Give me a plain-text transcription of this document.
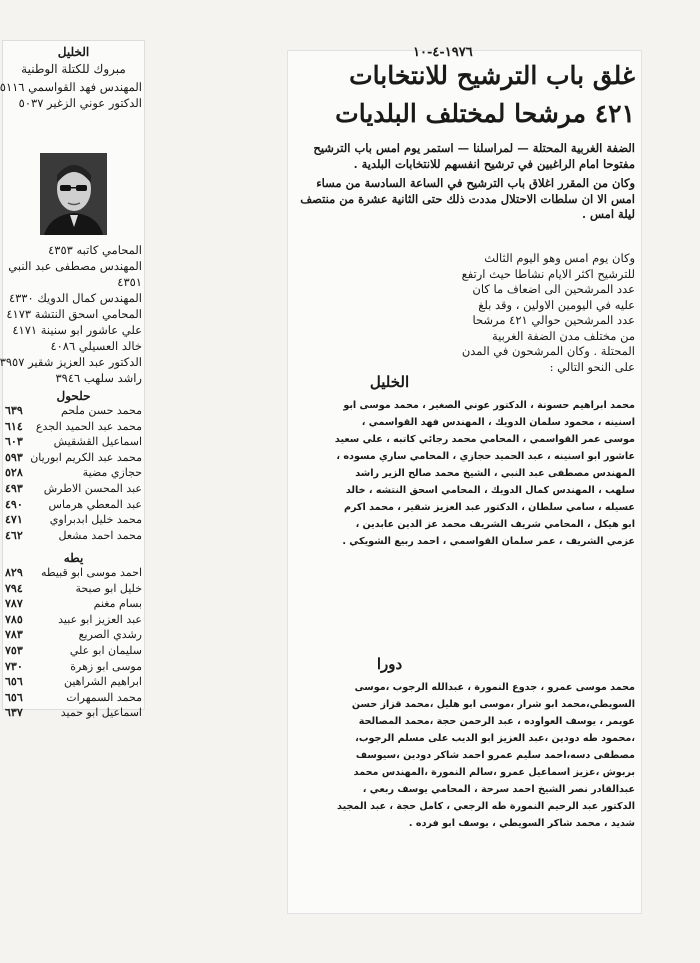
الخليل
مبروك للكتلة الوطنية
المهندس فهد القواسمي ٥١١٦
الدكتور عوني الزغير ٥٠٣٧
المحامي كاتبه ٤٣٥٣
المهندس مصطفى عبد النبي
٤٣٥١
المهندس كمال الدويك ٤٣٣٠
المحامي اسحق النتشة ٤١٧٣
علي عاشور ابو سنينة ٤١٧١
خالد العسيلي ٤٠٨٦
الدكتور عبد العزيز شقير ٣٩٥٧
راشد سلهب ٣٩٤٦
حلحول
محمد حسن ملحم
٦٣٩
محمد عبد الحميد الجدع
٦١٤
اسماعيل القشقيش
٦٠٣
محمد عبد الكريم ابوريان
٥٩٣
حجازي مضية
٥٢٨
عبد المحسن الاطرش
٤٩٣
عبد المعطي هرماس
٤٩٠
محمد خليل ابدبراوي
٤٧١
محمد احمد مشعل
٤٦٢
يطه
احمد موسى ابو قبيطه
٨٢٩
خليل ابو صبحة
٧٩٤
بسام مغنم
٧٨٧
عبد العزيز ابو عبيد
٧٨٥
رشدي الصريع
٧٨٣
سليمان ابو علي
٧٥٣
موسى ابو زهرة
٧٣٠
ابراهيم الشراهين
٦٥٦
محمد السمهرات
٦٥٦
اسماعيل ابو حميد
٦٣٧
١٩٧٦-٤-١٠
غلق باب الترشيح للانتخابات
٤٢١ مرشحا لمختلف البلديات

الضفة الغربية المحتلة — لمراسلنا — استمر يوم امس باب الترشيح مفتوحا امام الراغبين في ترشيح انفسهم للانتخابات البلدية .

وكان من المقرر اغلاق باب الترشيح في الساعة السادسة من مساء امس الا ان سلطات الاحتلال مددت ذلك حتى الثانية عشرة من منتصف ليلة امس .

وكان يوم امس وهو اليوم الثالث للترشيح اكثر الايام نشاطا حيث ارتفع عدد المرشحين الى اضعاف ما كان عليه في اليومين الاولين ، وقد بلغ عدد المرشحين حوالي ٤٢١ مرشحا من مختلف مدن الضفة الغربية المحتلة . وكان المرشحون في المدن على النحو التالي :

الخليل
محمد ابراهيم حسونة ، الدكتور عوني الصغير ، محمد موسى ابو اسنينه ، محمود سلمان الدويك ، المهندس فهد القواسمي ، موسى عمر القواسمي ، المحامي محمد رجائي كاتبه ، علي سعيد عاشور ابو اسنينه ، عبد الحميد حجازي ، المحامي ساري مسوده ، المهندس مصطفى عبد النبي ، الشيخ محمد صالح الزير راشد سلهب ، المهندس كمال الدويك ، المحامي اسحق النتشه ، خالد عسيله ، سامي سلطان ، الدكتور عبد العزيز شقير ، محمد اكرم ابو هيكل ، المحامي شريف الشريف محمد عز الدين عابدين ، عزمي الشريف ، عمر سلمان القواسمي ، احمد ربيع الشويكي .
دورا
محمد موسى عمرو ، جدوع النمورة ، عبدالله الرجوب ،موسى السويطي،محمد ابو شرار ،موسى ابو هليل ،محمد قزاز حسن عويمر ، يوسف العواوده ، عبد الرحمن حجة ،محمد المصالحة ،محمود طه دودين ،عبد العزيز ابو الديب على مسلم الرجوب، مصطفى دسه،احمد سليم عمرو احمد شاكر دودين ،سيوسف بربوش ،عزيز اسماعيل عمرو ،سالم النمورة ،المهندس محمد عبدالقادر نصر الشيخ احمد سرحة ، المحامي يوسف ربعي ، الدكتور عبد الرحيم النمورة طه الرجعي ، كامل حجة ، عبد المجيد شديد ، محمد شاكر السويطي ، يوسف ابو فرده .
